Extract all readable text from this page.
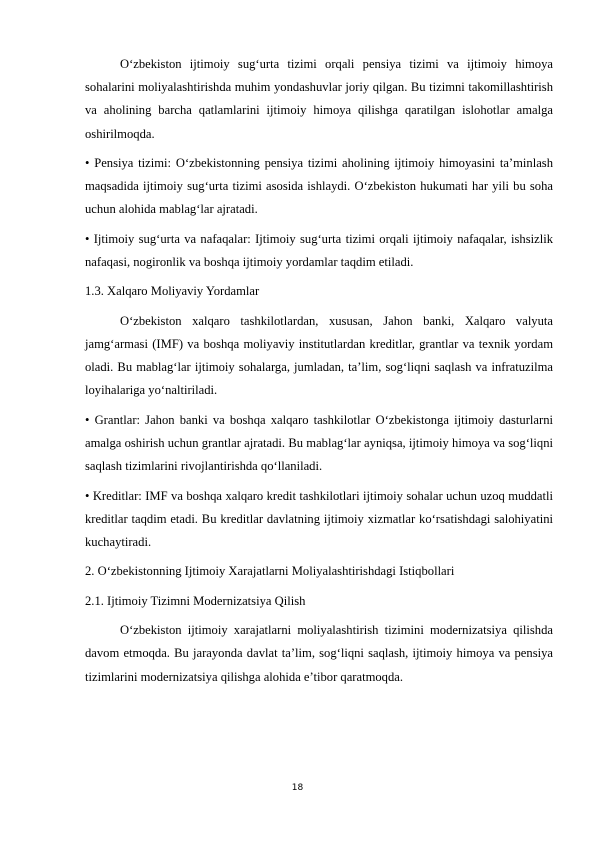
O‘zbekiston ijtimoiy sug‘urta tizimi orqali pensiya tizimi va ijtimoiy himoya sohalarini moliyalashtirishda muhim yondashuvlar joriy qilgan. Bu tizimni takomillashtirish va aholining barcha qatlamlarini ijtimoiy himoya qilishga qaratilgan islohotlar amalga oshirilmoqda.

• Pensiya tizimi: O‘zbekistonning pensiya tizimi aholining ijtimoiy himoyasini ta’minlash maqsadida ijtimoiy sug‘urta tizimi asosida ishlaydi. O‘zbekiston hukumati har yili bu soha uchun alohida mablag‘lar ajratadi.

• Ijtimoiy sug‘urta va nafaqalar: Ijtimoiy sug‘urta tizimi orqali ijtimoiy nafaqalar, ishsizlik nafaqasi, nogironlik va boshqa ijtimoiy yordamlar taqdim etiladi.

1.3. Xalqaro Moliyaviy Yordamlar

O‘zbekiston xalqaro tashkilotlardan, xususan, Jahon banki, Xalqaro valyuta jamg‘armasi (IMF) va boshqa moliyaviy institutlardan kreditlar, grantlar va texnik yordam oladi. Bu mablag‘lar ijtimoiy sohalarga, jumladan, ta’lim, sog‘liqni saqlash va infratuzilma loyihalariga yo‘naltiriladi.

• Grantlar: Jahon banki va boshqa xalqaro tashkilotlar O‘zbekistonga ijtimoiy dasturlarni amalga oshirish uchun grantlar ajratadi. Bu mablag‘lar ayniqsa, ijtimoiy himoya va sog‘liqni saqlash tizimlarini rivojlantirishda qo‘llaniladi.

• Kreditlar: IMF va boshqa xalqaro kredit tashkilotlari ijtimoiy sohalar uchun uzoq muddatli kreditlar taqdim etadi. Bu kreditlar davlatning ijtimoiy xizmatlar ko‘rsatishdagi salohiyatini kuchaytiradi.

2. O‘zbekistonning Ijtimoiy Xarajatlarni Moliyalashtirishdagi Istiqbollari

2.1. Ijtimoiy Tizimni Modernizatsiya Qilish

O‘zbekiston ijtimoiy xarajatlarni moliyalashtirish tizimini modernizatsiya qilishda davom etmoqda. Bu jarayonda davlat ta’lim, sog‘liqni saqlash, ijtimoiy himoya va pensiya tizimlarini modernizatsiya qilishga alohida e’tibor qaratmoqda.

18
